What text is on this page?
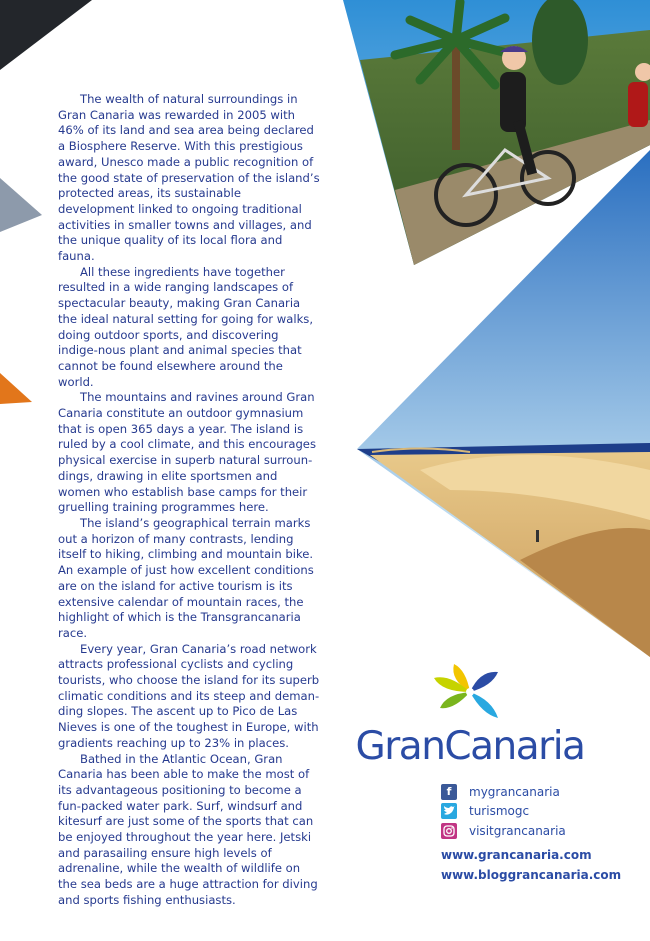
The wealth of natural surroundings in Gran Canaria was rewarded in 2005 with 46% of its land and sea area being declared a Biosphere Reserve. With this prestigious award, Unesco made a public recognition of the good state of preservation of the island’s protected areas, its sustainable development linked to ongoing traditional activities in smaller towns and villages, and the unique quality of its local flora and fauna.

All these ingredients have together resulted in a wide ranging landscapes of spectacular beauty, making Gran Canaria the ideal natural setting for going for walks, doing outdoor sports, and discovering indige-nous plant and animal species that cannot be found elsewhere around the world.

The mountains and ravines around Gran Canaria constitute an outdoor gymnasium that is open 365 days a year. The island is ruled by a cool climate, and this encourages physical exercise in superb natural surroun-dings, drawing in elite sportsmen and women who establish base camps for their gruelling training programmes here.

The island’s geographical terrain marks out a horizon of many contrasts, lending itself to hiking, climbing and mountain bike. An example of just how excellent conditions are on the island for active tourism is its extensive calendar of mountain races, the highlight of which is the Transgrancanaria race.

Every year, Gran Canaria’s road network attracts professional cyclists and cycling tourists, who choose the island for its superb climatic conditions and its steep and deman-ding slopes. The ascent up to Pico de Las Nieves is one of the toughest in Europe, with gradients reaching up to 23% in places.

Bathed in the Atlantic Ocean, Gran Canaria has been able to make the most of its advantageous positioning to become a fun-packed water park. Surf, windsurf and kitesurf are just some of the sports that can be enjoyed throughout the year here. Jetski and parasailing ensure high levels of adrenaline, while the wealth of wildlife on the sea beds are a huge attraction for diving and sports fishing enthusiasts.

GranCanaria
f	mygrancanaria
turismogc
visitgrancanaria
www.grancanaria.com
www.bloggrancanaria.com
